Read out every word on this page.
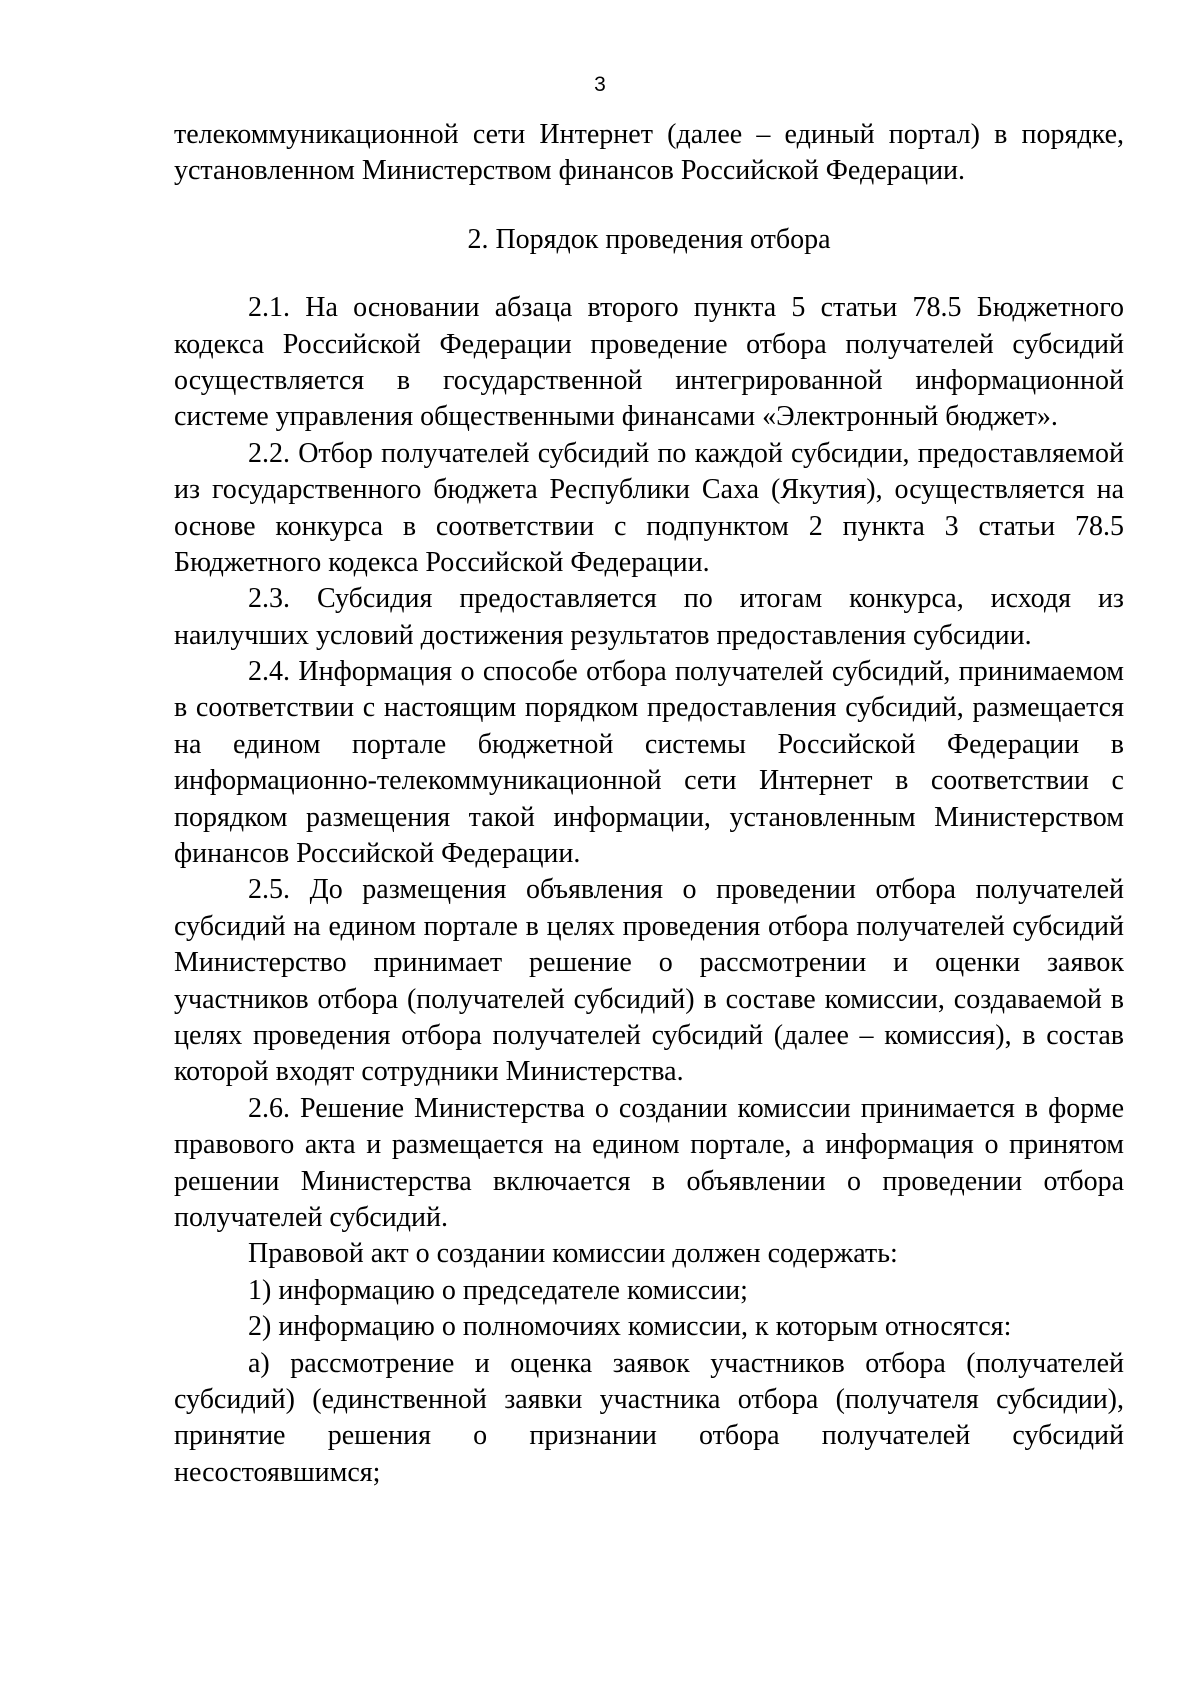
3
телекоммуникационной сети Интернет (далее – единый портал) в порядке,
установленном Министерством финансов Российской Федерации.
2. Порядок проведения отбора
2.1. На основании абзаца второго пункта 5 статьи 78.5 Бюджетного
кодекса Российской Федерации проведение отбора получателей субсидий
осуществляется в государственной интегрированной информационной
системе управления общественными финансами «Электронный бюджет».
2.2. Отбор получателей субсидий по каждой субсидии, предоставляемой
из государственного бюджета Республики Саха (Якутия), осуществляется на
основе конкурса в соответствии с подпунктом 2 пункта 3 статьи 78.5
Бюджетного кодекса Российской Федерации.
2.3. Субсидия предоставляется по итогам конкурса, исходя из
наилучших условий достижения результатов предоставления субсидии.
2.4. Информация о способе отбора получателей субсидий, принимаемом
в соответствии с настоящим порядком предоставления субсидий, размещается
на едином портале бюджетной системы Российской Федерации в
информационно-телекоммуникационной сети Интернет в соответствии с
порядком размещения такой информации, установленным Министерством
финансов Российской Федерации.
2.5. До размещения объявления о проведении отбора получателей
субсидий на едином портале в целях проведения отбора получателей субсидий
Министерство принимает решение о рассмотрении и оценки заявок
участников отбора (получателей субсидий) в составе комиссии, создаваемой в
целях проведения отбора получателей субсидий (далее – комиссия), в состав
которой входят сотрудники Министерства.
2.6. Решение Министерства о создании комиссии принимается в форме
правового акта и размещается на едином портале, а информация о принятом
решении Министерства включается в объявлении о проведении отбора
получателей субсидий.
Правовой акт о создании комиссии должен содержать:
1) информацию о председателе комиссии;
2) информацию о полномочиях комиссии, к которым относятся:
а) рассмотрение и оценка заявок участников отбора (получателей
субсидий) (единственной заявки участника отбора (получателя субсидии),
принятие решения о признании отбора получателей субсидий
несостоявшимся;
